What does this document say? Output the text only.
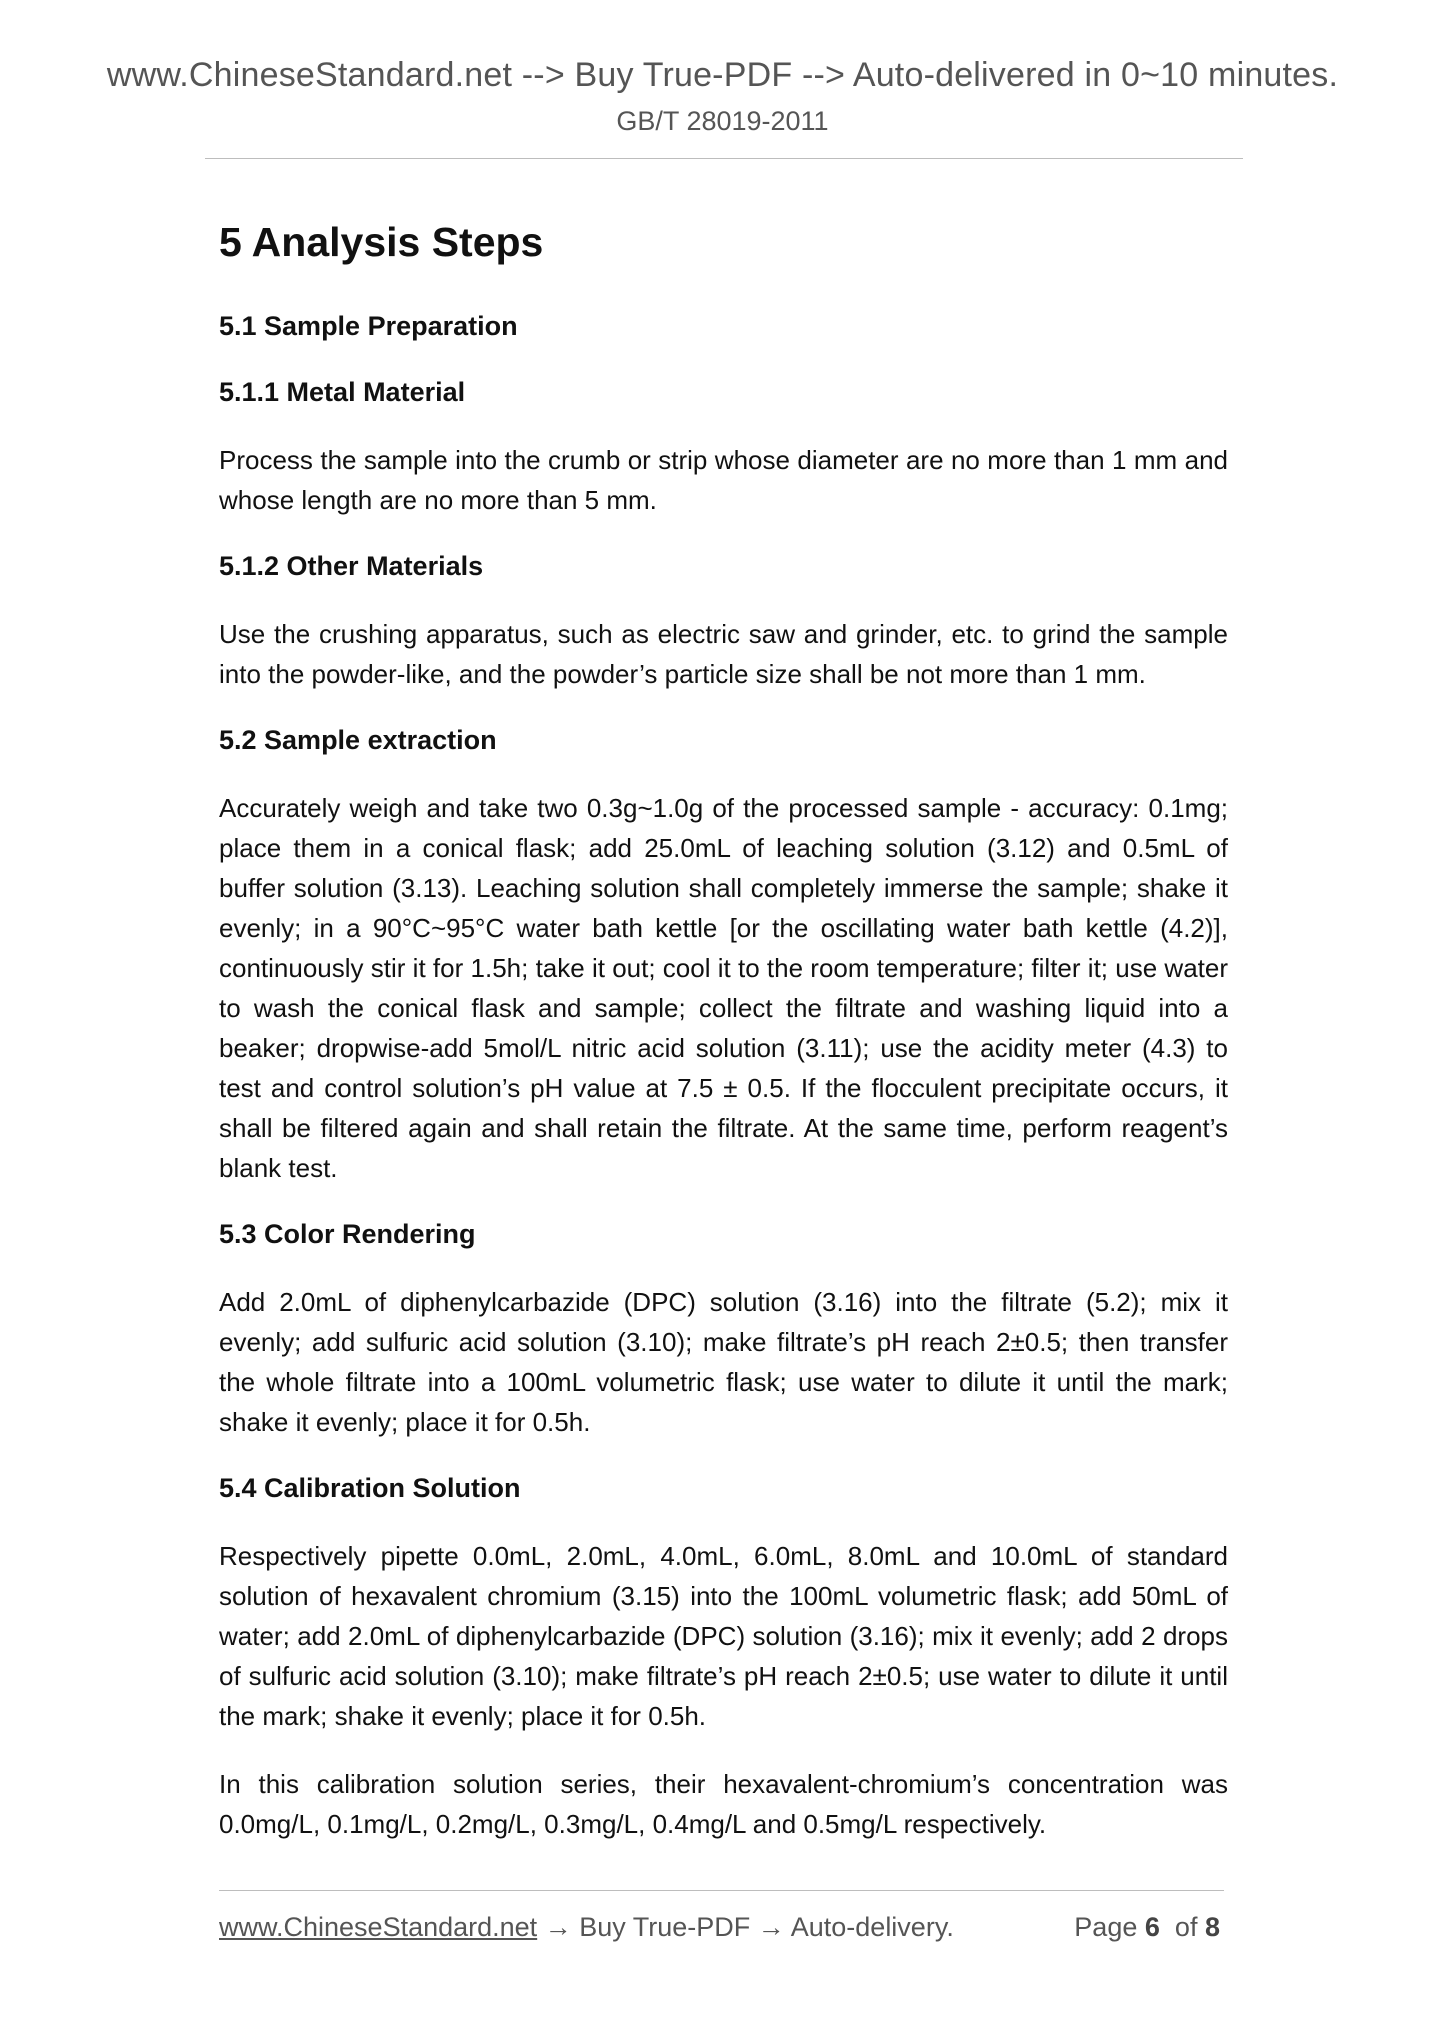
www.ChineseStandard.net --> Buy True-PDF --> Auto-delivered in 0~10 minutes.
GB/T 28019-2011
5 Analysis Steps
5.1 Sample Preparation
5.1.1 Metal Material

Process the sample into the crumb or strip whose diameter are no more than 1 mm and whose length are no more than 5 mm.

5.1.2 Other Materials

Use the crushing apparatus, such as electric saw and grinder, etc. to grind the sample into the powder-like, and the powder’s particle size shall be not more than 1 mm.

5.2 Sample extraction

Accurately weigh and take two 0.3g~1.0g of the processed sample - accuracy: 0.1mg; place them in a conical flask; add 25.0mL of leaching solution (3.12) and 0.5mL of buffer solution (3.13). Leaching solution shall completely immerse the sample; shake it evenly; in a 90°C~95°C water bath kettle [or the oscillating water bath kettle (4.2)], continuously stir it for 1.5h; take it out; cool it to the room temperature; filter it; use water to wash the conical flask and sample; collect the filtrate and washing liquid into a beaker; dropwise-add 5mol/L nitric acid solution (3.11); use the acidity meter (4.3) to test and control solution’s pH value at 7.5 ± 0.5. If the flocculent precipitate occurs, it shall be filtered again and shall retain the filtrate. At the same time, perform reagent’s blank test.

5.3 Color Rendering

Add 2.0mL of diphenylcarbazide (DPC) solution (3.16) into the filtrate (5.2); mix it evenly; add sulfuric acid solution (3.10); make filtrate’s pH reach 2±0.5; then transfer the whole filtrate into a 100mL volumetric flask; use water to dilute it until the mark; shake it evenly; place it for 0.5h.

5.4 Calibration Solution

Respectively pipette 0.0mL, 2.0mL, 4.0mL, 6.0mL, 8.0mL and 10.0mL of standard solution of hexavalent chromium (3.15) into the 100mL volumetric flask; add 50mL of water; add 2.0mL of diphenylcarbazide (DPC) solution (3.16); mix it evenly; add 2 drops of sulfuric acid solution (3.10); make filtrate’s pH reach 2±0.5; use water to dilute it until the mark; shake it evenly; place it for 0.5h.

In this calibration solution series, their hexavalent-chromium’s concentration was 0.0mg/L, 0.1mg/L, 0.2mg/L, 0.3mg/L, 0.4mg/L and 0.5mg/L respectively.

www.ChineseStandard.net → Buy True-PDF → Auto-delivery.	Page 6 of 8
